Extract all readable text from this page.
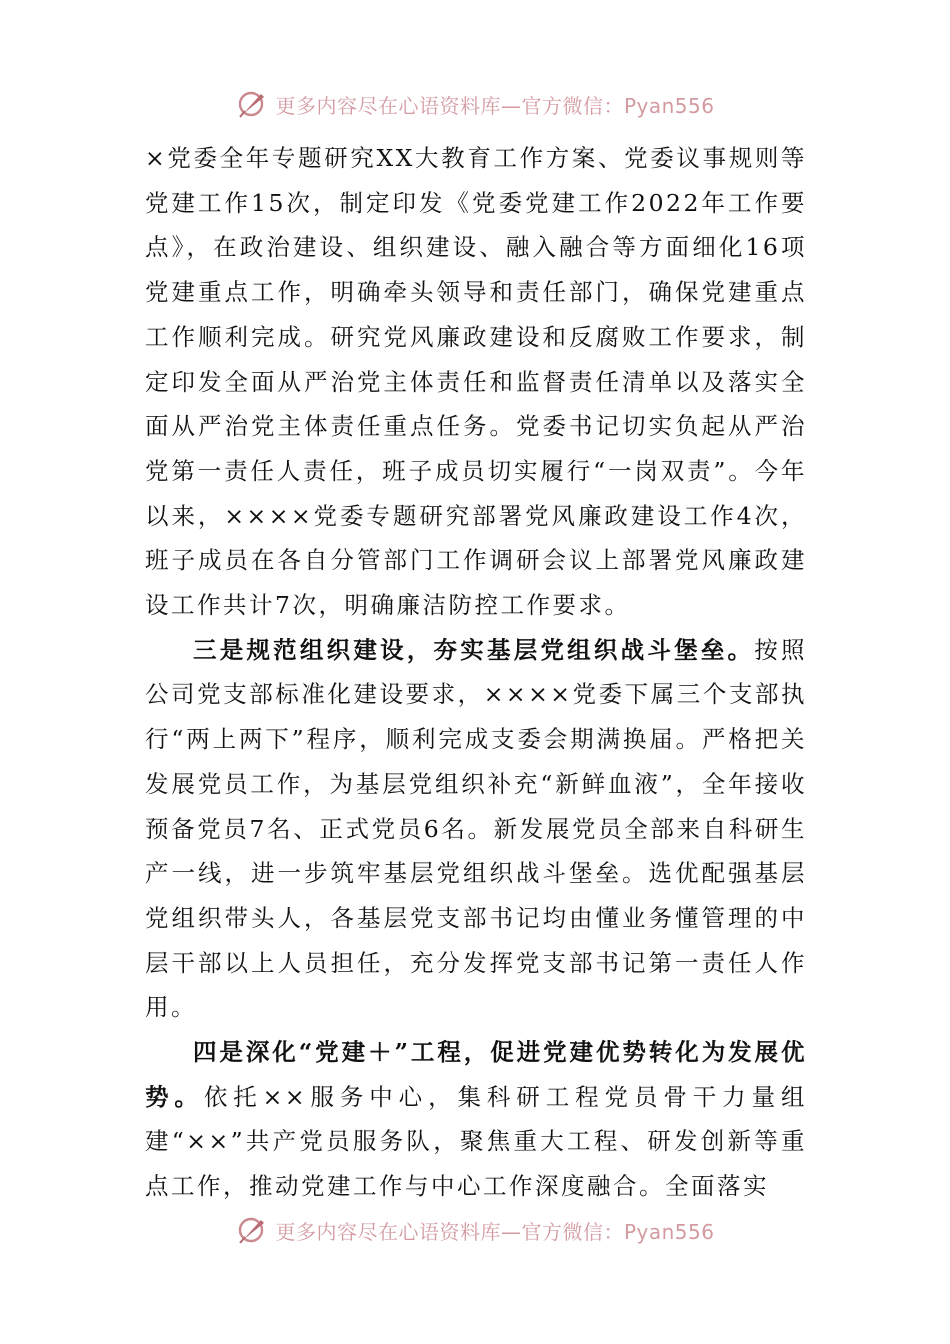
更多内容尽在心语资料库—官方微信：Pyan556

×党委全年专题研究XX大教育工作方案、党委议事规则等党建工作15次，制定印发《党委党建工作2022年工作要点》，在政治建设、组织建设、融入融合等方面细化16项党建重点工作，明确牵头领导和责任部门，确保党建重点工作顺利完成。研究党风廉政建设和反腐败工作要求，制定印发全面从严治党主体责任和监督责任清单以及落实全面从严治党主体责任重点任务。党委书记切实负起从严治党第一责任人责任，班子成员切实履行“一岗双责”。今年以来，××××党委专题研究部署党风廉政建设工作4次，班子成员在各自分管部门工作调研会议上部署党风廉政建设工作共计7次，明确廉洁防控工作要求。

三是规范组织建设，夯实基层党组织战斗堡垒。按照公司党支部标准化建设要求，××××党委下属三个支部执行“两上两下”程序，顺利完成支委会期满换届。严格把关发展党员工作，为基层党组织补充“新鲜血液”，全年接收预备党员7名、正式党员6名。新发展党员全部来自科研生产一线，进一步筑牢基层党组织战斗堡垒。选优配强基层党组织带头人，各基层党支部书记均由懂业务懂管理的中层干部以上人员担任，充分发挥党支部书记第一责任人作用。

四是深化“党建＋”工程，促进党建优势转化为发展优势。依托××服务中心，集科研工程党员骨干力量组建“××”共产党员服务队，聚焦重大工程、研发创新等重点工作，推动党建工作与中心工作深度融合。全面落实

更多内容尽在心语资料库—官方微信：Pyan556
